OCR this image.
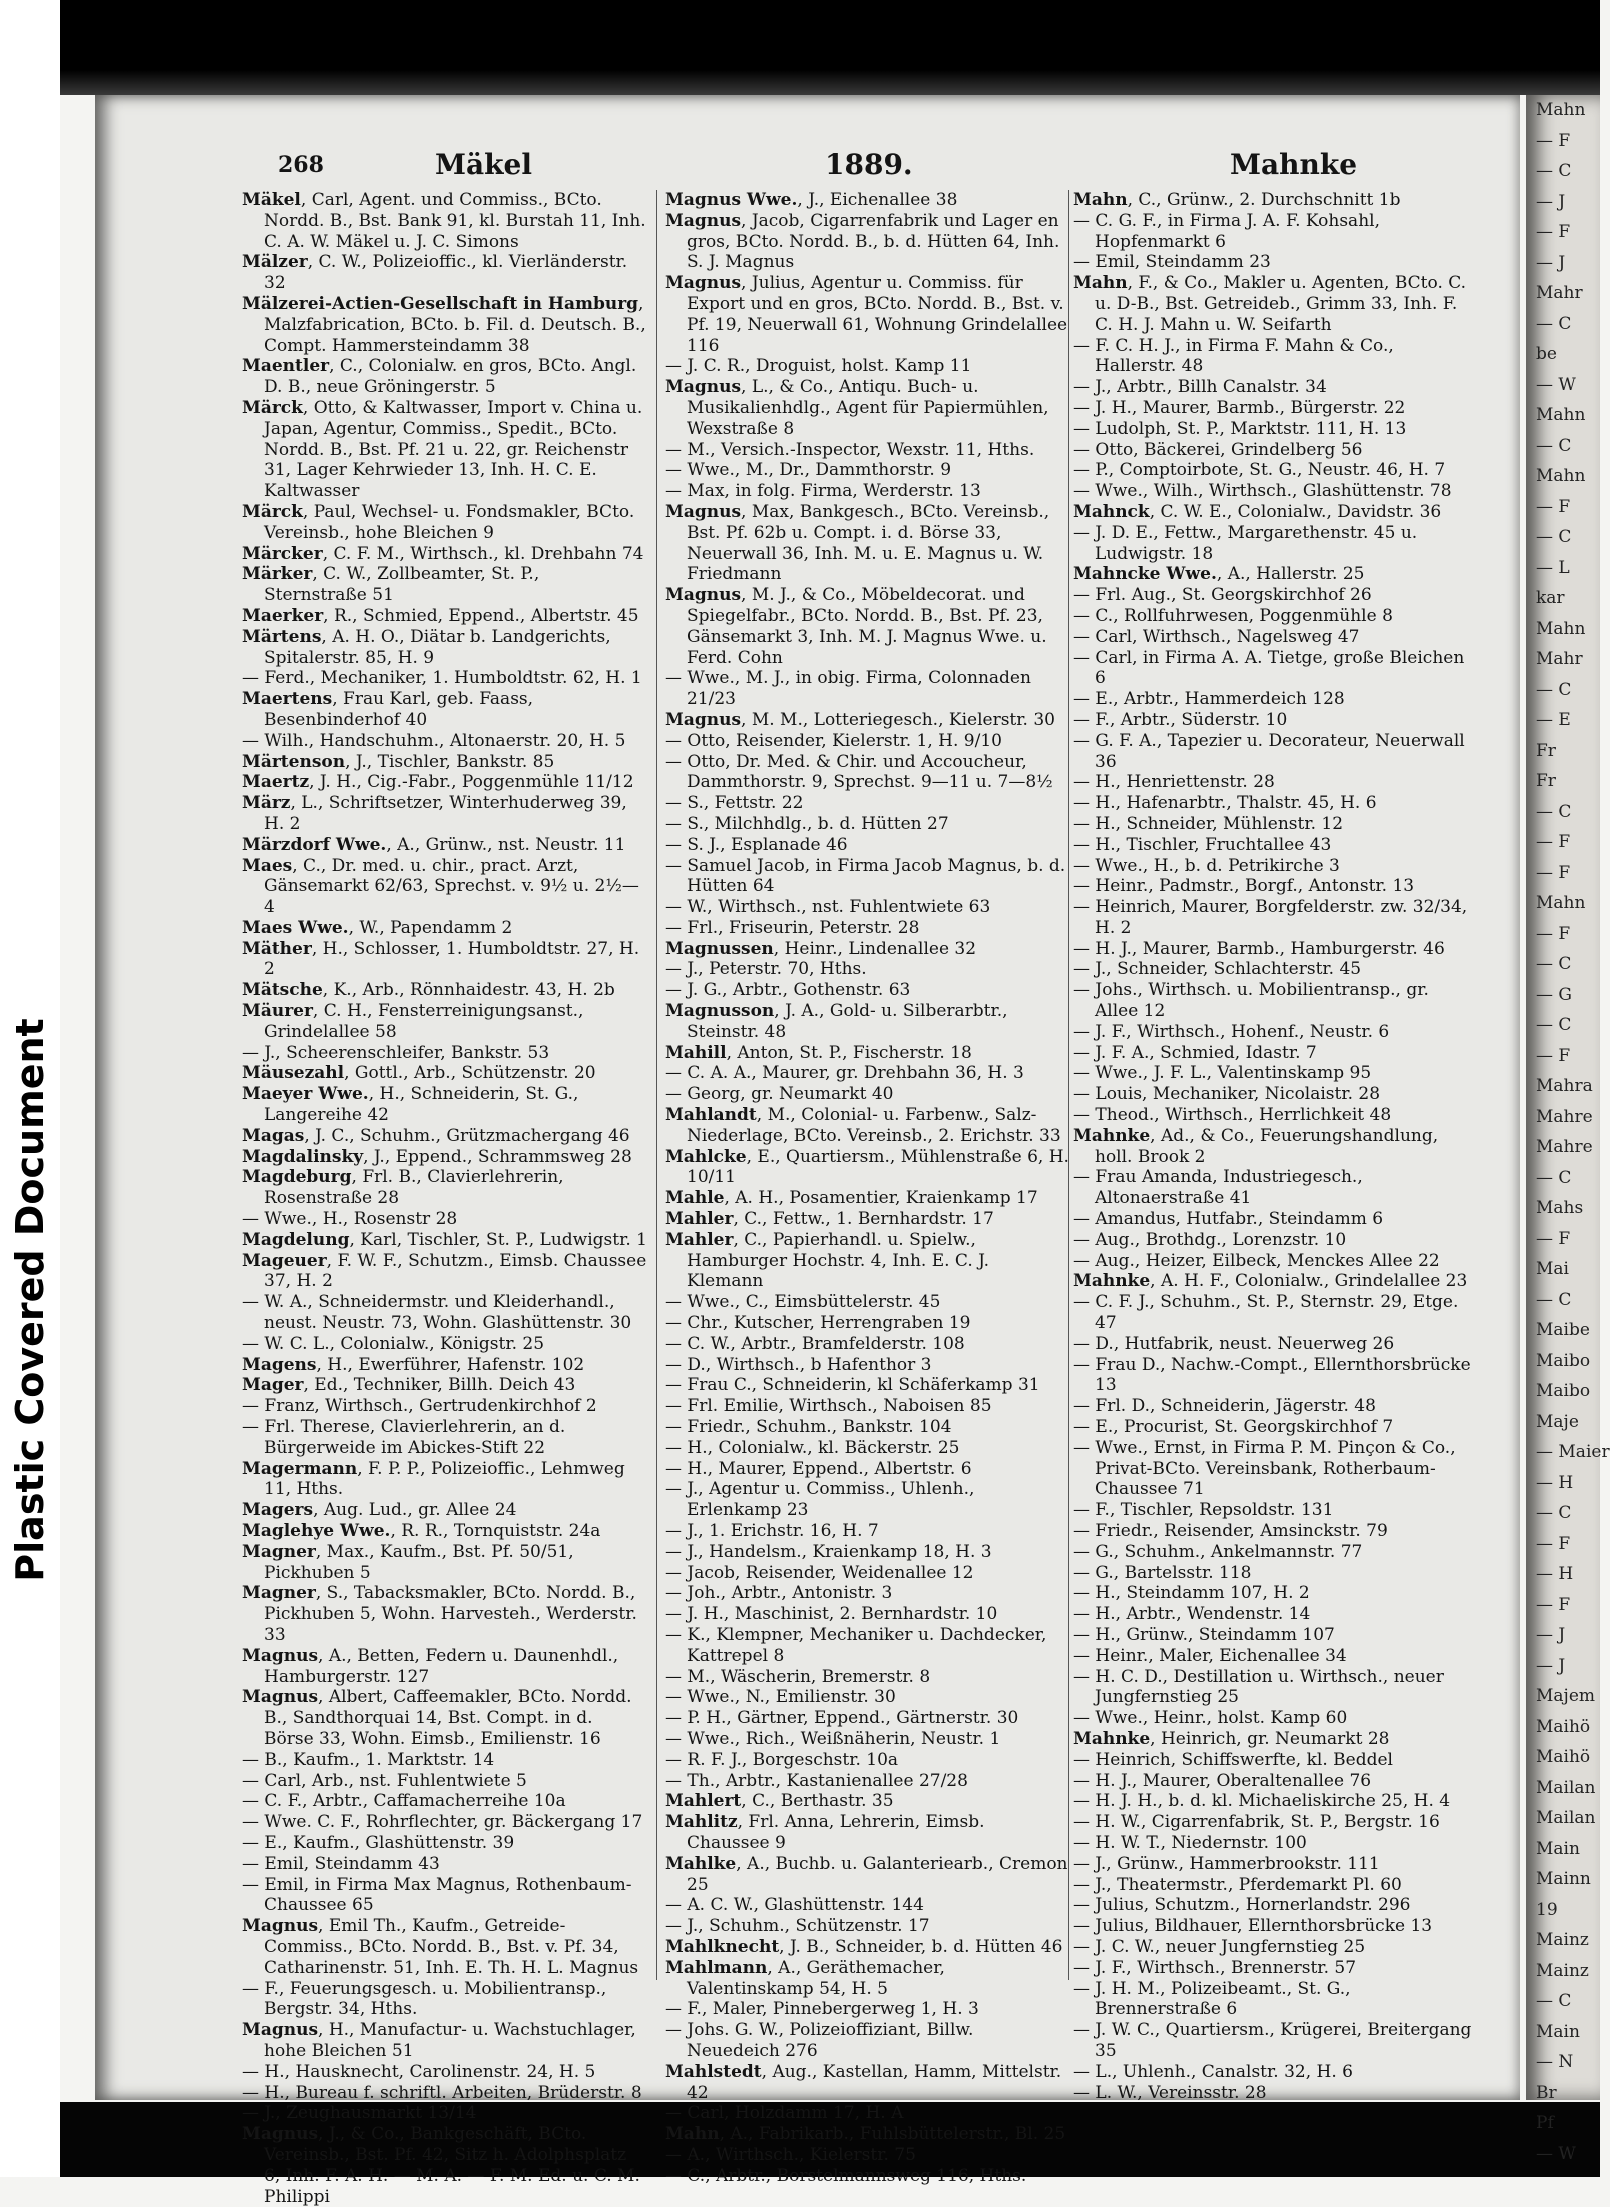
Plastic Covered Document
Mahn
— F
— C
— J
— F
— J
Mahr
— C
be
— W
Mahn
— C
Mahn
— F
— C
— L
kar
Mahn
Mahr
— C
— E
Fr
Fr
— C
— F
— F
Mahn
— F
— C
— G
— C
— F
Mahra
Mahre
Mahre
— C
Mahs
— F
Mai
— C
Maibe
Maibo
Maibo
Maje
— Maier
— H
— C
— F
— H
— F
— J
— J
Majem
Maihö
Maihö
Mailan
Mailan
Main
Mainn
19
Mainz
Mainz
— C
Main
— N
Br
Pf
— W
268	Mäkel	1889.	Mahnke

Mäkel, Carl, Agent. und Commiss., BCto. Nordd. B., Bst. Bank 91, kl. Burstah 11, Inh. C. A. W. Mäkel u. J. C. Simons

Mälzer, C. W., Polizeioffic., kl. Vierländerstr. 32

Mälzerei-Actien-Gesellschaft in Hamburg, Malzfabrication, BCto. b. Fil. d. Deutsch. B., Compt. Hammersteindamm 38

Maentler, C., Colonialw. en gros, BCto. Angl. D. B., neue Gröningerstr. 5

Märck, Otto, & Kaltwasser, Import v. China u. Japan, Agentur, Commiss., Spedit., BCto. Nordd. B., Bst. Pf. 21 u. 22, gr. Reichenstr 31, Lager Kehrwieder 13, Inh. H. C. E. Kaltwasser

Märck, Paul, Wechsel- u. Fondsmakler, BCto. Vereinsb., hohe Bleichen 9

Märcker, C. F. M., Wirthsch., kl. Drehbahn 74

Märker, C. W., Zollbeamter, St. P., Sternstraße 51

Maerker, R., Schmied, Eppend., Albertstr. 45

Märtens, A. H. O., Diätar b. Landgerichts, Spitalerstr. 85, H. 9

— Ferd., Mechaniker, 1. Humboldtstr. 62, H. 1

Maertens, Frau Karl, geb. Faass, Besenbinderhof 40

— Wilh., Handschuhm., Altonaerstr. 20, H. 5

Märtenson, J., Tischler, Bankstr. 85

Maertz, J. H., Cig.-Fabr., Poggenmühle 11/12

März, L., Schriftsetzer, Winterhuderweg 39, H. 2

Märzdorf Wwe., A., Grünw., nst. Neustr. 11

Maes, C., Dr. med. u. chir., pract. Arzt, Gänsemarkt 62/63, Sprechst. v. 9½ u. 2½—4

Maes Wwe., W., Papendamm 2

Mäther, H., Schlosser, 1. Humboldtstr. 27, H. 2

Mätsche, K., Arb., Rönnhaidestr. 43, H. 2b

Mäurer, C. H., Fensterreinigungsanst., Grindelallee 58

— J., Scheerenschleifer, Bankstr. 53

Mäusezahl, Gottl., Arb., Schützenstr. 20

Maeyer Wwe., H., Schneiderin, St. G., Langereihe 42

Magas, J. C., Schuhm., Grützmachergang 46

Magdalinsky, J., Eppend., Schrammsweg 28

Magdeburg, Frl. B., Clavierlehrerin, Rosenstraße 28

— Wwe., H., Rosenstr 28

Magdelung, Karl, Tischler, St. P., Ludwigstr. 1

Mageuer, F. W. F., Schutzm., Eimsb. Chaussee 37, H. 2

— W. A., Schneidermstr. und Kleiderhandl., neust. Neustr. 73, Wohn. Glashüttenstr. 30

— W. C. L., Colonialw., Königstr. 25

Magens, H., Ewerführer, Hafenstr. 102

Mager, Ed., Techniker, Billh. Deich 43

— Franz, Wirthsch., Gertrudenkirchhof 2

— Frl. Therese, Clavierlehrerin, an d. Bürgerweide im Abickes-Stift 22

Magermann, F. P. P., Polizeioffic., Lehmweg 11, Hths.

Magers, Aug. Lud., gr. Allee 24

Maglehye Wwe., R. R., Tornquiststr. 24a

Magner, Max., Kaufm., Bst. Pf. 50/51, Pickhuben 5

Magner, S., Tabacksmakler, BCto. Nordd. B., Pickhuben 5, Wohn. Harvesteh., Werderstr. 33

Magnus, A., Betten, Federn u. Daunenhdl., Hamburgerstr. 127

Magnus, Albert, Caffeemakler, BCto. Nordd. B., Sandthorquai 14, Bst. Compt. in d. Börse 33, Wohn. Eimsb., Emilienstr. 16

— B., Kaufm., 1. Marktstr. 14

— Carl, Arb., nst. Fuhlentwiete 5

— C. F., Arbtr., Caffamacherreihe 10a

— Wwe. C. F., Rohrflechter, gr. Bäckergang 17

— E., Kaufm., Glashüttenstr. 39

— Emil, Steindamm 43

— Emil, in Firma Max Magnus, Rothenbaum-Chaussee 65

Magnus, Emil Th., Kaufm., Getreide-Commiss., BCto. Nordd. B., Bst. v. Pf. 34, Catharinenstr. 51, Inh. E. Th. H. L. Magnus

— F., Feuerungsgesch. u. Mobilientransp., Bergstr. 34, Hths.

Magnus, H., Manufactur- u. Wachstuchlager, hohe Bleichen 51

— H., Hausknecht, Carolinenstr. 24, H. 5

— H., Bureau f. schriftl. Arbeiten, Brüderstr. 8

— J., Zeughausmarkt 13/14

Magnus, J., & Co., Bankgeschäft, BCto. Vereinsb., Bst. Pf. 42, Sitz h. Adolphsplatz 6, Inh. F. A. H. — M. A. — F. M. Ed. u. C. M. Philippi

Magnus Wwe., J., Eichenallee 38

Magnus, Jacob, Cigarrenfabrik und Lager en gros, BCto. Nordd. B., b. d. Hütten 64, Inh. S. J. Magnus

Magnus, Julius, Agentur u. Commiss. für Export und en gros, BCto. Nordd. B., Bst. v. Pf. 19, Neuerwall 61, Wohnung Grindelallee 116

— J. C. R., Droguist, holst. Kamp 11

Magnus, L., & Co., Antiqu. Buch- u. Musikalienhdlg., Agent für Papiermühlen, Wexstraße 8

— M., Versich.-Inspector, Wexstr. 11, Hths.

— Wwe., M., Dr., Dammthorstr. 9

— Max, in folg. Firma, Werderstr. 13

Magnus, Max, Bankgesch., BCto. Vereinsb., Bst. Pf. 62b u. Compt. i. d. Börse 33, Neuerwall 36, Inh. M. u. E. Magnus u. W. Friedmann

Magnus, M. J., & Co., Möbeldecorat. und Spiegelfabr., BCto. Nordd. B., Bst. Pf. 23, Gänsemarkt 3, Inh. M. J. Magnus Wwe. u. Ferd. Cohn

— Wwe., M. J., in obig. Firma, Colonnaden 21/23

Magnus, M. M., Lotteriegesch., Kielerstr. 30

— Otto, Reisender, Kielerstr. 1, H. 9/10

— Otto, Dr. Med. & Chir. und Accoucheur, Dammthorstr. 9, Sprechst. 9—11 u. 7—8½

— S., Fettstr. 22

— S., Milchhdlg., b. d. Hütten 27

— S. J., Esplanade 46

— Samuel Jacob, in Firma Jacob Magnus, b. d. Hütten 64

— W., Wirthsch., nst. Fuhlentwiete 63

— Frl., Friseurin, Peterstr. 28

Magnussen, Heinr., Lindenallee 32

— J., Peterstr. 70, Hths.

— J. G., Arbtr., Gothenstr. 63

Magnusson, J. A., Gold- u. Silberarbtr., Steinstr. 48

Mahill, Anton, St. P., Fischerstr. 18

— C. A. A., Maurer, gr. Drehbahn 36, H. 3

— Georg, gr. Neumarkt 40

Mahlandt, M., Colonial- u. Farbenw., Salz-Niederlage, BCto. Vereinsb., 2. Erichstr. 33

Mahlcke, E., Quartiersm., Mühlenstraße 6, H. 10/11

Mahle, A. H., Posamentier, Kraienkamp 17

Mahler, C., Fettw., 1. Bernhardstr. 17

Mahler, C., Papierhandl. u. Spielw., Hamburger Hochstr. 4, Inh. E. C. J. Klemann

— Wwe., C., Eimsbüttelerstr. 45

— Chr., Kutscher, Herrengraben 19

— C. W., Arbtr., Bramfelderstr. 108

— D., Wirthsch., b Hafenthor 3

— Frau C., Schneiderin, kl Schäferkamp 31

— Frl. Emilie, Wirthsch., Naboisen 85

— Friedr., Schuhm., Bankstr. 104

— H., Colonialw., kl. Bäckerstr. 25

— H., Maurer, Eppend., Albertstr. 6

— J., Agentur u. Commiss., Uhlenh., Erlenkamp 23

— J., 1. Erichstr. 16, H. 7

— J., Handelsm., Kraienkamp 18, H. 3

— Jacob, Reisender, Weidenallee 12

— Joh., Arbtr., Antonistr. 3

— J. H., Maschinist, 2. Bernhardstr. 10

— K., Klempner, Mechaniker u. Dachdecker, Kattrepel 8

— M., Wäscherin, Bremerstr. 8

— Wwe., N., Emilienstr. 30

— P. H., Gärtner, Eppend., Gärtnerstr. 30

— Wwe., Rich., Weißnäherin, Neustr. 1

— R. F. J., Borgeschstr. 10a

— Th., Arbtr., Kastanienallee 27/28

Mahlert, C., Berthastr. 35

Mahlitz, Frl. Anna, Lehrerin, Eimsb. Chaussee 9

Mahlke, A., Buchb. u. Galanteriearb., Cremon 25

— A. C. W., Glashüttenstr. 144

— J., Schuhm., Schützenstr. 17

Mahlknecht, J. B., Schneider, b. d. Hütten 46

Mahlmann, A., Geräthemacher, Valentinskamp 54, H. 5

— F., Maler, Pinnebergerweg 1, H. 3

— Johs. G. W., Polizeioffiziant, Billw. Neuedeich 276

Mahlstedt, Aug., Kastellan, Hamm, Mittelstr. 42

— Carl, Holzdamm 17, H. A

Mahn, A., Fabrikarb., Fuhlsbüttelerstr., Bl. 25

— A., Wirthsch., Kielerstr. 75

— C., Arbtr., Borstelmannsweg 116, Hths.

Mahn, C., Grünw., 2. Durchschnitt 1b

— C. G. F., in Firma J. A. F. Kohsahl, Hopfenmarkt 6

— Emil, Steindamm 23

Mahn, F., & Co., Makler u. Agenten, BCto. C. u. D-B., Bst. Getreideb., Grimm 33, Inh. F. C. H. J. Mahn u. W. Seifarth

— F. C. H. J., in Firma F. Mahn & Co., Hallerstr. 48

— J., Arbtr., Billh Canalstr. 34

— J. H., Maurer, Barmb., Bürgerstr. 22

— Ludolph, St. P., Marktstr. 111, H. 13

— Otto, Bäckerei, Grindelberg 56

— P., Comptoirbote, St. G., Neustr. 46, H. 7

— Wwe., Wilh., Wirthsch., Glashüttenstr. 78

Mahnck, C. W. E., Colonialw., Davidstr. 36

— J. D. E., Fettw., Margarethenstr. 45 u. Ludwigstr. 18

Mahncke Wwe., A., Hallerstr. 25

— Frl. Aug., St. Georgskirchhof 26

— C., Rollfuhrwesen, Poggenmühle 8

— Carl, Wirthsch., Nagelsweg 47

— Carl, in Firma A. A. Tietge, große Bleichen 6

— E., Arbtr., Hammerdeich 128

— F., Arbtr., Süderstr. 10

— G. F. A., Tapezier u. Decorateur, Neuerwall 36

— H., Henriettenstr. 28

— H., Hafenarbtr., Thalstr. 45, H. 6

— H., Schneider, Mühlenstr. 12

— H., Tischler, Fruchtallee 43

— Wwe., H., b. d. Petrikirche 3

— Heinr., Padmstr., Borgf., Antonstr. 13

— Heinrich, Maurer, Borgfelderstr. zw. 32/34, H. 2

— H. J., Maurer, Barmb., Hamburgerstr. 46

— J., Schneider, Schlachterstr. 45

— Johs., Wirthsch. u. Mobilientransp., gr. Allee 12

— J. F., Wirthsch., Hohenf., Neustr. 6

— J. F. A., Schmied, Idastr. 7

— Wwe., J. F. L., Valentinskamp 95

— Louis, Mechaniker, Nicolaistr. 28

— Theod., Wirthsch., Herrlichkeit 48

Mahnke, Ad., & Co., Feuerungshandlung, holl. Brook 2

— Frau Amanda, Industriegesch., Altonaerstraße 41

— Amandus, Hutfabr., Steindamm 6

— Aug., Brothdg., Lorenzstr. 10

— Aug., Heizer, Eilbeck, Menckes Allee 22

Mahnke, A. H. F., Colonialw., Grindelallee 23

— C. F. J., Schuhm., St. P., Sternstr. 29, Etge. 47

— D., Hutfabrik, neust. Neuerweg 26

— Frau D., Nachw.-Compt., Ellernthorsbrücke 13

— Frl. D., Schneiderin, Jägerstr. 48

— E., Procurist, St. Georgskirchhof 7

— Wwe., Ernst, in Firma P. M. Pinçon & Co., Privat-BCto. Vereinsbank, Rotherbaum-Chaussee 71

— F., Tischler, Repsoldstr. 131

— Friedr., Reisender, Amsinckstr. 79

— G., Schuhm., Ankelmannstr. 77

— G., Bartelsstr. 118

— H., Steindamm 107, H. 2

— H., Arbtr., Wendenstr. 14

— H., Grünw., Steindamm 107

— Heinr., Maler, Eichenallee 34

— H. C. D., Destillation u. Wirthsch., neuer Jungfernstieg 25

— Wwe., Heinr., holst. Kamp 60

Mahnke, Heinrich, gr. Neumarkt 28

— Heinrich, Schiffswerfte, kl. Beddel

— H. J., Maurer, Oberaltenallee 76

— H. J. H., b. d. kl. Michaeliskirche 25, H. 4

— H. W., Cigarrenfabrik, St. P., Bergstr. 16

— H. W. T., Niedernstr. 100

— J., Grünw., Hammerbrookstr. 111

— J., Theatermstr., Pferdemarkt Pl. 60

— Julius, Schutzm., Hornerlandstr. 296

— Julius, Bildhauer, Ellernthorsbrücke 13

— J. C. W., neuer Jungfernstieg 25

— J. F., Wirthsch., Brennerstr. 57

— J. H. M., Polizeibeamt., St. G., Brennerstraße 6

— J. W. C., Quartiersm., Krügerei, Breitergang 35

— L., Uhlenh., Canalstr. 32, H. 6

— L. W., Vereinsstr. 28
